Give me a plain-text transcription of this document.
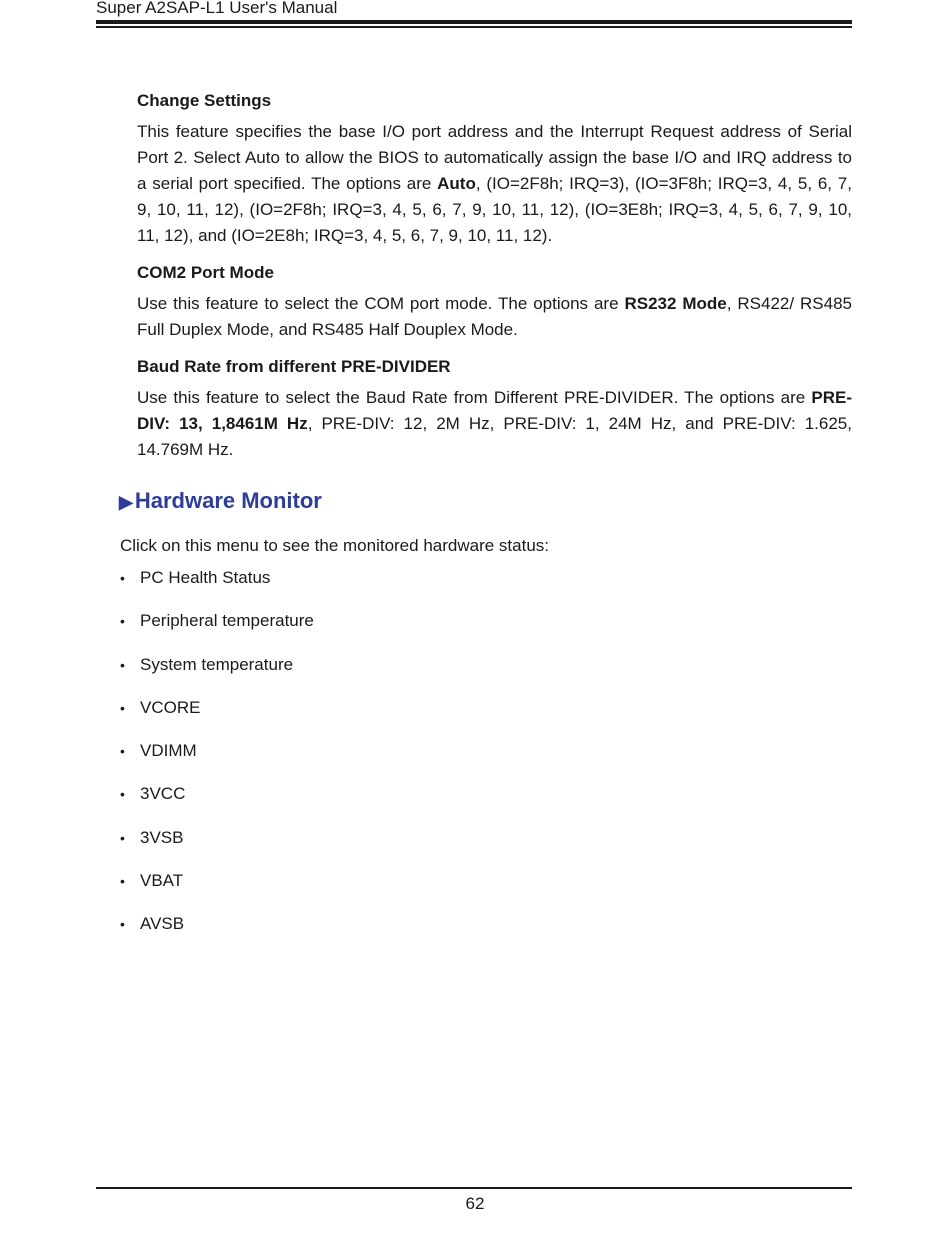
Super A2SAP-L1 User's Manual
Change Settings

This feature specifies the base I/O port address and the Interrupt Request address of Serial Port 2. Select Auto to allow the BIOS to automatically assign the base I/O and IRQ address to a serial port specified. The options are Auto, (IO=2F8h; IRQ=3), (IO=3F8h; IRQ=3, 4, 5, 6, 7, 9, 10, 11, 12), (IO=2F8h; IRQ=3, 4, 5, 6, 7, 9, 10, 11, 12), (IO=3E8h; IRQ=3, 4, 5, 6, 7, 9, 10, 11, 12), and (IO=2E8h; IRQ=3, 4, 5, 6, 7, 9, 10, 11, 12).

COM2 Port Mode

Use this feature to select the COM port mode. The options are RS232 Mode, RS422/ RS485 Full Duplex Mode, and RS485 Half Douplex Mode.

Baud Rate from different PRE-DIVIDER

Use this feature to select the Baud Rate from Different PRE-DIVIDER. The options are PRE-DIV: 13, 1,8461M Hz, PRE-DIV: 12, 2M Hz, PRE-DIV: 1, 24M Hz, and PRE-DIV: 1.625, 14.769M Hz.

▶Hardware Monitor
Click on this menu to see the monitored hardware status:
• PC Health Status
• Peripheral temperature
• System temperature
• VCORE
• VDIMM
• 3VCC
• 3VSB
• VBAT
• AVSB
62
